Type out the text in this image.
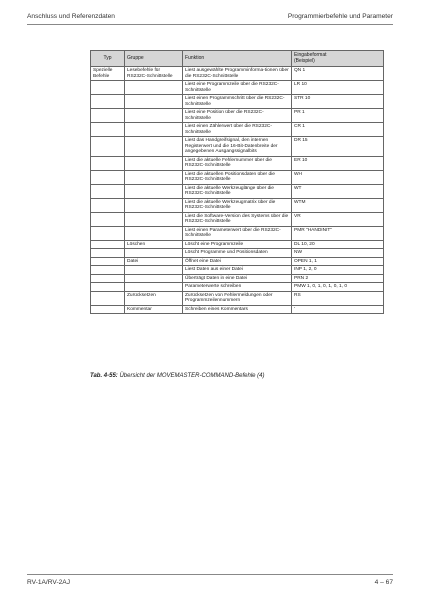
Anschluss und Referenzdaten	Programmierbefehle und Parameter
Typ	Gruppe	Funktion	Eingabeformat
(Beispiel)
Spezielle Befehle	Lesebefehle für RS232C-Schnittstelle	Liest ausgewählte Programminforma-tionen über die RS232C-Schnittstelle	QN 1
		Liest eine Programmzeile über die RS232C-Schnittstelle	LR 10
		Liest einen Programmschritt über die RS232C-Schnittstelle	STR 10
		Liest eine Position über die RS232C-Schnittstelle	PR 1
		Liest einen Zählerwert über die RS232C-Schnittstelle	CR 1
		Liest das Handgreifsignal, den internen Registerwert und die 16-Bit-Datenbreite der angegebenen Ausgangssignalbits	DR 15
		Liest die aktuelle Fehlernummer über die RS232C-Schnittstelle	ER 10
		Liest die aktuellen Positionsdaten über die RS232C-Schnittstelle	WH
		Liest die aktuelle Werkzeuglänge über die RS232C-Schnittstelle	WT
		Liest die aktuelle Werkzeugmatrix über die RS232C-Schnittstelle	WTM
		Liest die Software-Version des Systems über die RS232C-Schnittstelle	VR
		Liest einen Parameterwert über die RS232C-Schnittstelle	PMR "HANDINIT"
	Löschen	Löscht eine Programmzeile	DL 10, 20
		Löscht Programme und Positionsdaten	NW
	Datei	Öffnet eine Datei	OPEN 1, 1
		Liest Daten aus einer Datei	INP 1, 2, 0
		Überträgt Daten in eine Datei	PRN 2
		Parameterwerte schreiben	PMW 1, 0, 1, 0, 1, 0, 1, 0
	Zurücksetzen	Zurücksetzen von Fehlermeldungen oder Programmzeilennummern	RS
	Kommentar	Schreiben eines Kommentars	'
Tab. 4-55: Übersicht der MOVEMASTER-COMMAND-Befehle (4)
RV-1A/RV-2AJ	4 – 67
